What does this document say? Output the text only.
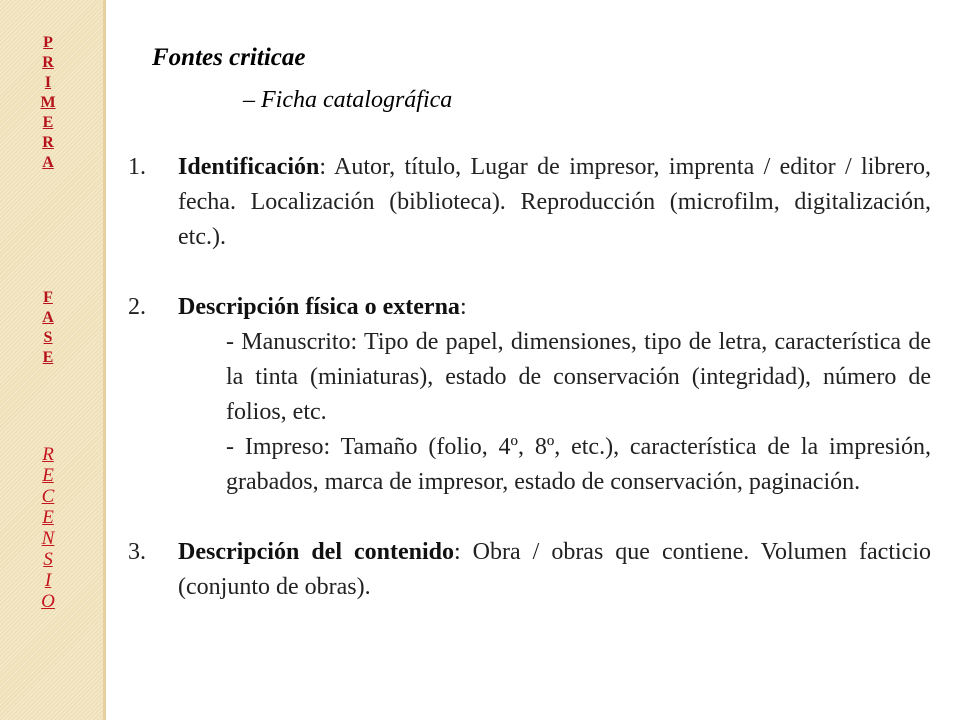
P
R
I
M
E
R
A
F
A
S
E
R
E
C
E
N
S
I
O
Fontes criticae
– Ficha catalográfica
1. Identificación: Autor, título, Lugar de impresor, imprenta / editor / librero, fecha. Localización (biblioteca). Reproducción (microfilm, digitalización, etc.).
2. Descripción física o externa:
- Manuscrito: Tipo de papel, dimensiones, tipo de letra, característica de la tinta (miniaturas), estado de conservación (integridad), número de folios, etc.
- Impreso: Tamaño (folio, 4º, 8º, etc.), característica de la impresión, grabados, marca de impresor, estado de conservación, paginación.
3. Descripción del contenido: Obra / obras que contiene. Volumen facticio (conjunto de obras).
